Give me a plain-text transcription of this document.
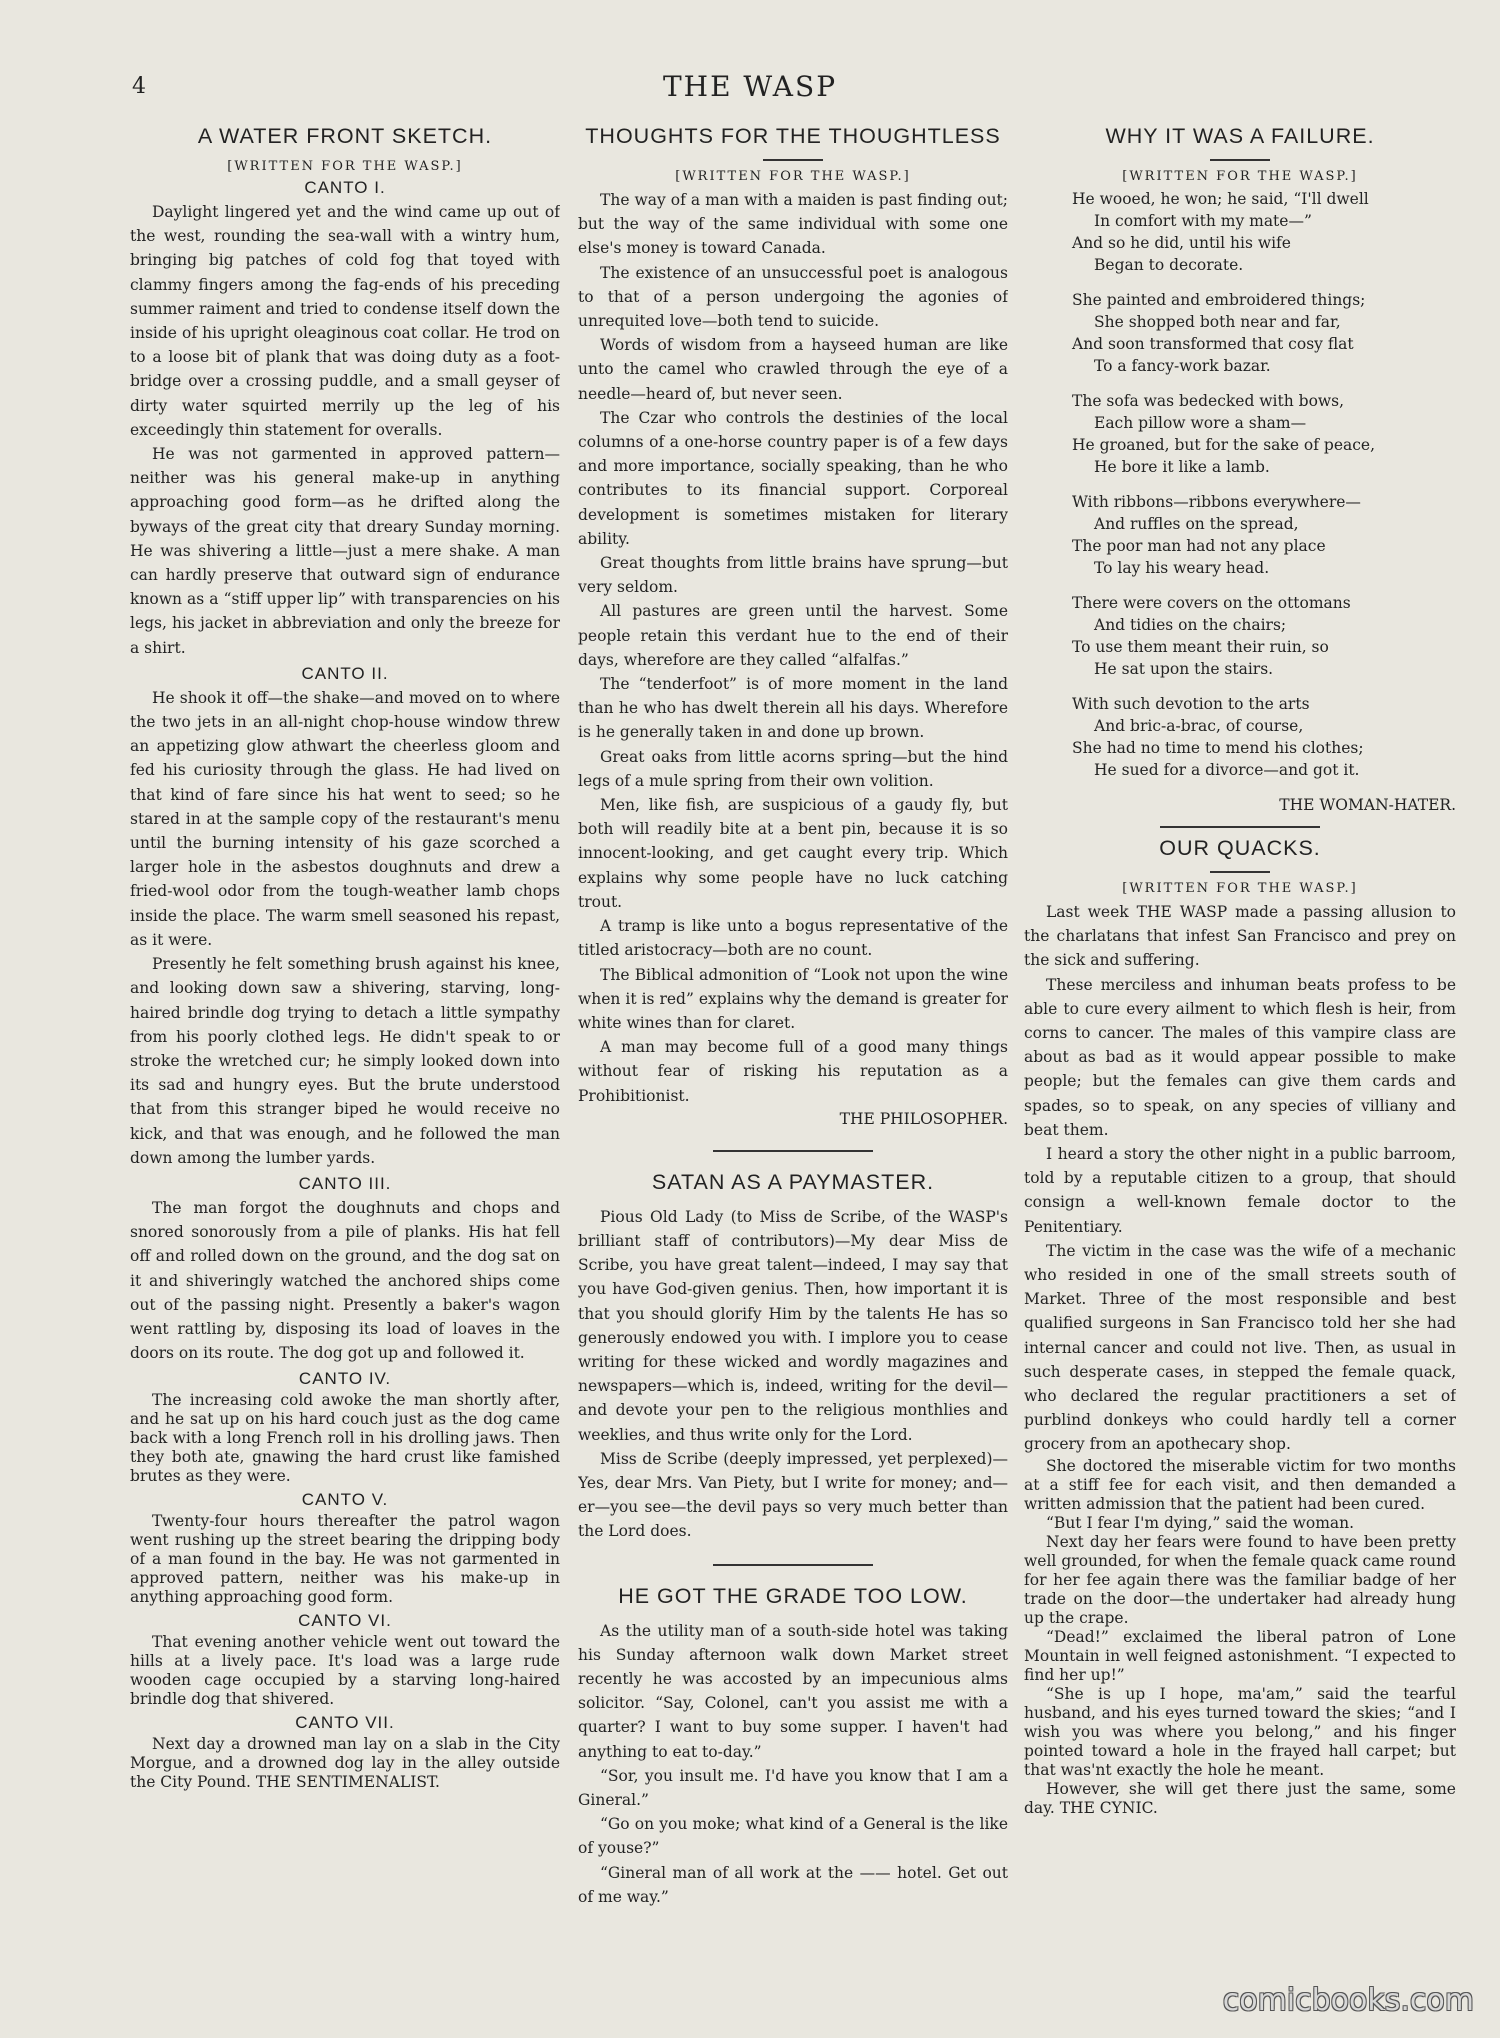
4	THE WASP
A WATER FRONT SKETCH.
[WRITTEN FOR THE WASP.]
CANTO I.

Daylight lingered yet and the wind came up out of the west, rounding the sea-wall with a wintry hum, bringing big patches of cold fog that toyed with clammy fingers among the fag-ends of his preceding summer raiment and tried to condense itself down the inside of his upright oleaginous coat collar. He trod on to a loose bit of plank that was doing duty as a foot-bridge over a crossing puddle, and a small geyser of dirty water squirted merrily up the leg of his exceedingly thin statement for overalls.

He was not garmented in approved pattern—neither was his general make-up in anything approaching good form—as he drifted along the byways of the great city that dreary Sunday morning. He was shivering a little—just a mere shake. A man can hardly preserve that outward sign of endurance known as a “stiff upper lip” with transparencies on his legs, his jacket in abbreviation and only the breeze for a shirt.

CANTO II.

He shook it off—the shake—and moved on to where the two jets in an all-night chop-house window threw an appetizing glow athwart the cheerless gloom and fed his curiosity through the glass. He had lived on that kind of fare since his hat went to seed; so he stared in at the sample copy of the restaurant's menu until the burning intensity of his gaze scorched a larger hole in the asbestos doughnuts and drew a fried-wool odor from the tough-weather lamb chops inside the place. The warm smell seasoned his repast, as it were.

Presently he felt something brush against his knee, and looking down saw a shivering, starving, long-haired brindle dog trying to detach a little sympathy from his poorly clothed legs. He didn't speak to or stroke the wretched cur; he simply looked down into its sad and hungry eyes. But the brute understood that from this stranger biped he would receive no kick, and that was enough, and he followed the man down among the lumber yards.

CANTO III.

The man forgot the doughnuts and chops and snored sonorously from a pile of planks. His hat fell off and rolled down on the ground, and the dog sat on it and shiveringly watched the anchored ships come out of the passing night. Presently a baker's wagon went rattling by, disposing its load of loaves in the doors on its route. The dog got up and followed it.

CANTO IV.

The increasing cold awoke the man shortly after, and he sat up on his hard couch just as the dog came back with a long French roll in his drolling jaws. Then they both ate, gnawing the hard crust like famished brutes as they were.

CANTO V.

Twenty-four hours thereafter the patrol wagon went rushing up the street bearing the dripping body of a man found in the bay. He was not garmented in approved pattern, neither was his make-up in anything approaching good form.

CANTO VI.

That evening another vehicle went out toward the hills at a lively pace. It's load was a large rude wooden cage occupied by a starving long-haired brindle dog that shivered.

CANTO VII.

Next day a drowned man lay on a slab in the City Morgue, and a drowned dog lay in the alley outside the City Pound. THE SENTIMENALIST.

THOUGHTS FOR THE THOUGHTLESS
[WRITTEN FOR THE WASP.]

The way of a man with a maiden is past finding out; but the way of the same individual with some one else's money is toward Canada.

The existence of an unsuccessful poet is analogous to that of a person undergoing the agonies of unrequited love—both tend to suicide.

Words of wisdom from a hayseed human are like unto the camel who crawled through the eye of a needle—heard of, but never seen.

The Czar who controls the destinies of the local columns of a one-horse country paper is of a few days and more importance, socially speaking, than he who contributes to its financial support. Corporeal development is sometimes mistaken for literary ability.

Great thoughts from little brains have sprung—but very seldom.

All pastures are green until the harvest. Some people retain this verdant hue to the end of their days, wherefore are they called “alfalfas.”

The “tenderfoot” is of more moment in the land than he who has dwelt therein all his days. Wherefore is he generally taken in and done up brown.

Great oaks from little acorns spring—but the hind legs of a mule spring from their own volition.

Men, like fish, are suspicious of a gaudy fly, but both will readily bite at a bent pin, because it is so innocent-looking, and get caught every trip. Which explains why some people have no luck catching trout.

A tramp is like unto a bogus representative of the titled aristocracy—both are no count.

The Biblical admonition of “Look not upon the wine when it is red” explains why the demand is greater for white wines than for claret.

A man may become full of a good many things without fear of risking his reputation as a Prohibitionist.

THE PHILOSOPHER.
SATAN AS A PAYMASTER.

Pious Old Lady (to Miss de Scribe, of the WASP's brilliant staff of contributors)—My dear Miss de Scribe, you have great talent—indeed, I may say that you have God-given genius. Then, how important it is that you should glorify Him by the talents He has so generously endowed you with. I implore you to cease writing for these wicked and wordly magazines and newspapers—which is, indeed, writing for the devil—and devote your pen to the religious monthlies and weeklies, and thus write only for the Lord.

Miss de Scribe (deeply impressed, yet perplexed)—Yes, dear Mrs. Van Piety, but I write for money; and—er—you see—the devil pays so very much better than the Lord does.

HE GOT THE GRADE TOO LOW.

As the utility man of a south-side hotel was taking his Sunday afternoon walk down Market street recently he was accosted by an impecunious alms solicitor. “Say, Colonel, can't you assist me with a quarter? I want to buy some supper. I haven't had anything to eat to-day.”

“Sor, you insult me. I'd have you know that I am a Gineral.”

“Go on you moke; what kind of a General is the like of youse?”

“Gineral man of all work at the —— hotel. Get out of me way.”

WHY IT WAS A FAILURE.
[WRITTEN FOR THE WASP.]
He wooed, he won; he said, “I'll dwell
In comfort with my mate—”
And so he did, until his wife
Began to decorate.
She painted and embroidered things;
She shopped both near and far,
And soon transformed that cosy flat
To a fancy-work bazar.
The sofa was bedecked with bows,
Each pillow wore a sham—
He groaned, but for the sake of peace,
He bore it like a lamb.
With ribbons—ribbons everywhere—
And ruffles on the spread,
The poor man had not any place
To lay his weary head.
There were covers on the ottomans
And tidies on the chairs;
To use them meant their ruin, so
He sat upon the stairs.
With such devotion to the arts
And bric-a-brac, of course,
She had no time to mend his clothes;
He sued for a divorce—and got it.
THE WOMAN-HATER.
OUR QUACKS.
[WRITTEN FOR THE WASP.]

Last week THE WASP made a passing allusion to the charlatans that infest San Francisco and prey on the sick and suffering.

These merciless and inhuman beats profess to be able to cure every ailment to which flesh is heir, from corns to cancer. The males of this vampire class are about as bad as it would appear possible to make people; but the females can give them cards and spades, so to speak, on any species of villiany and beat them.

I heard a story the other night in a public barroom, told by a reputable citizen to a group, that should consign a well-known female doctor to the Penitentiary.

The victim in the case was the wife of a mechanic who resided in one of the small streets south of Market. Three of the most responsible and best qualified surgeons in San Francisco told her she had internal cancer and could not live. Then, as usual in such desperate cases, in stepped the female quack, who declared the regular practitioners a set of purblind donkeys who could hardly tell a corner grocery from an apothecary shop.

She doctored the miserable victim for two months at a stiff fee for each visit, and then demanded a written admission that the patient had been cured.

“But I fear I'm dying,” said the woman.

Next day her fears were found to have been pretty well grounded, for when the female quack came round for her fee again there was the familiar badge of her trade on the door—the undertaker had already hung up the crape.

“Dead!” exclaimed the liberal patron of Lone Mountain in well feigned astonishment. “I expected to find her up!”

“She is up I hope, ma'am,” said the tearful husband, and his eyes turned toward the skies; “and I wish you was where you belong,” and his finger pointed toward a hole in the frayed hall carpet; but that was'nt exactly the hole he meant.

However, she will get there just the same, some day. THE CYNIC.

comicbooks.com
